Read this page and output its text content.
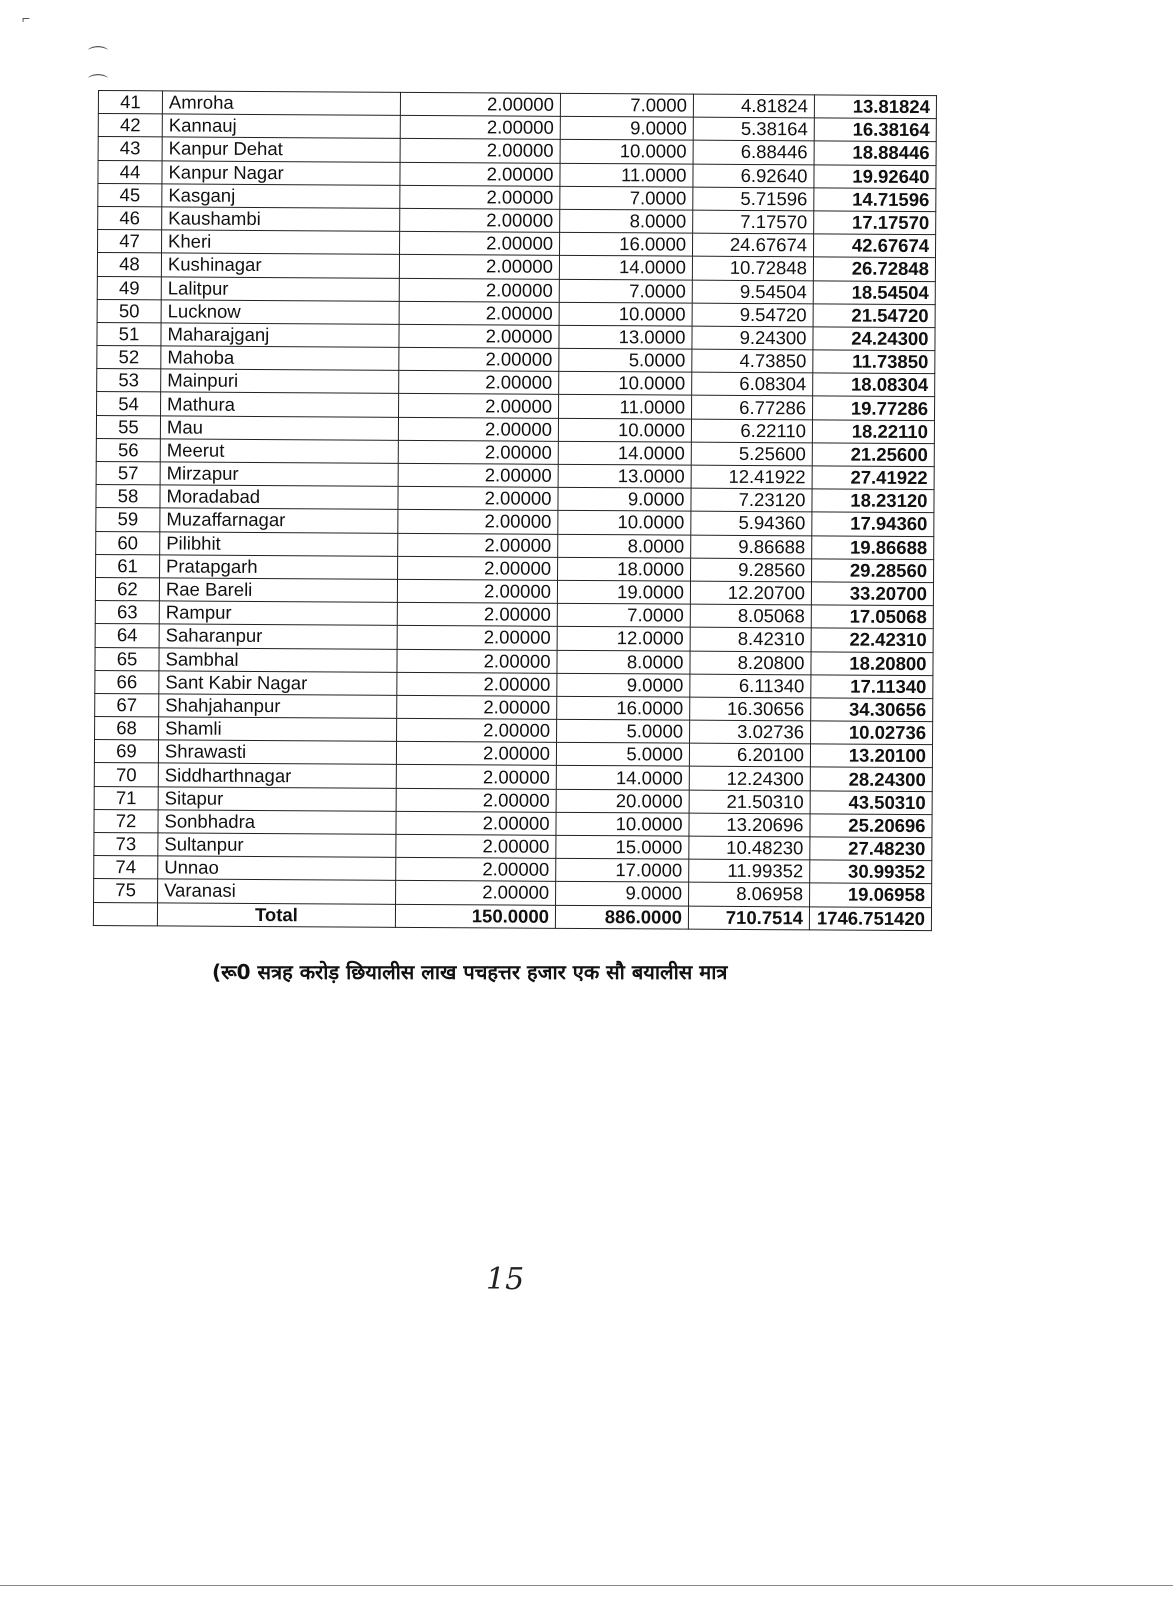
⌐
⌒
⌒
41	Amroha	2.00000	7.0000	4.81824	13.81824
42	Kannauj	2.00000	9.0000	5.38164	16.38164
43	Kanpur Dehat	2.00000	10.0000	6.88446	18.88446
44	Kanpur Nagar	2.00000	11.0000	6.92640	19.92640
45	Kasganj	2.00000	7.0000	5.71596	14.71596
46	Kaushambi	2.00000	8.0000	7.17570	17.17570
47	Kheri	2.00000	16.0000	24.67674	42.67674
48	Kushinagar	2.00000	14.0000	10.72848	26.72848
49	Lalitpur	2.00000	7.0000	9.54504	18.54504
50	Lucknow	2.00000	10.0000	9.54720	21.54720
51	Maharajganj	2.00000	13.0000	9.24300	24.24300
52	Mahoba	2.00000	5.0000	4.73850	11.73850
53	Mainpuri	2.00000	10.0000	6.08304	18.08304
54	Mathura	2.00000	11.0000	6.77286	19.77286
55	Mau	2.00000	10.0000	6.22110	18.22110
56	Meerut	2.00000	14.0000	5.25600	21.25600
57	Mirzapur	2.00000	13.0000	12.41922	27.41922
58	Moradabad	2.00000	9.0000	7.23120	18.23120
59	Muzaffarnagar	2.00000	10.0000	5.94360	17.94360
60	Pilibhit	2.00000	8.0000	9.86688	19.86688
61	Pratapgarh	2.00000	18.0000	9.28560	29.28560
62	Rae Bareli	2.00000	19.0000	12.20700	33.20700
63	Rampur	2.00000	7.0000	8.05068	17.05068
64	Saharanpur	2.00000	12.0000	8.42310	22.42310
65	Sambhal	2.00000	8.0000	8.20800	18.20800
66	Sant Kabir Nagar	2.00000	9.0000	6.11340	17.11340
67	Shahjahanpur	2.00000	16.0000	16.30656	34.30656
68	Shamli	2.00000	5.0000	3.02736	10.02736
69	Shrawasti	2.00000	5.0000	6.20100	13.20100
70	Siddharthnagar	2.00000	14.0000	12.24300	28.24300
71	Sitapur	2.00000	20.0000	21.50310	43.50310
72	Sonbhadra	2.00000	10.0000	13.20696	25.20696
73	Sultanpur	2.00000	15.0000	10.48230	27.48230
74	Unnao	2.00000	17.0000	11.99352	30.99352
75	Varanasi	2.00000	9.0000	8.06958	19.06958
	Total	150.0000	886.0000	710.7514	1746.751420
(रू0 सत्रह करोड़ छियालीस लाख पचहत्तर हजार एक सौ बयालीस मात्र
15
